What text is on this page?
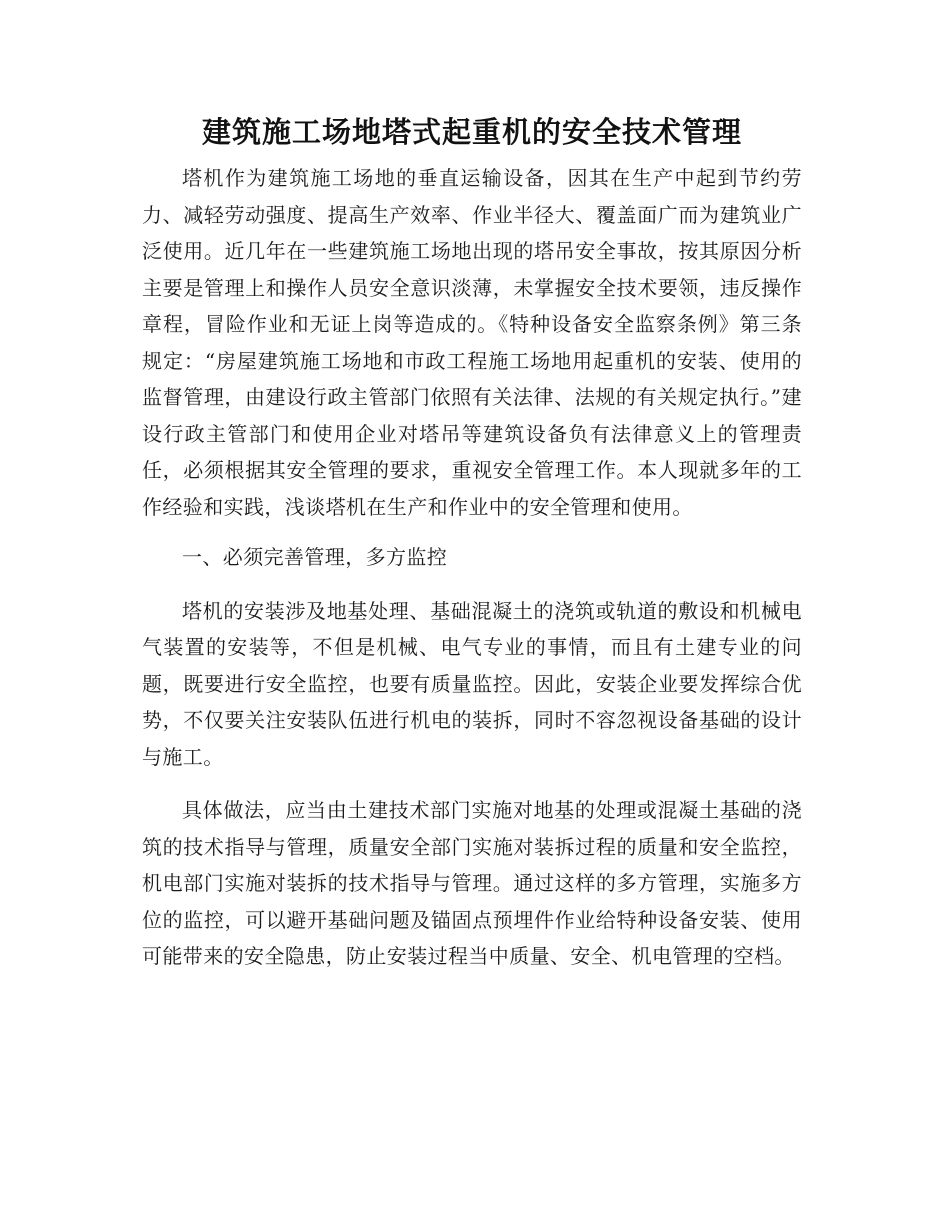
建筑施工场地塔式起重机的安全技术管理

塔机作为建筑施工场地的垂直运输设备，因其在生产中起到节约劳力、减轻劳动强度、提高生产效率、作业半径大、覆盖面广而为建筑业广泛使用。近几年在一些建筑施工场地出现的塔吊安全事故，按其原因分析主要是管理上和操作人员安全意识淡薄，未掌握安全技术要领，违反操作章程，冒险作业和无证上岗等造成的。《特种设备安全监察条例》第三条规定：“房屋建筑施工场地和市政工程施工场地用起重机的安装、使用的监督管理，由建设行政主管部门依照有关法律、法规的有关规定执行。”建设行政主管部门和使用企业对塔吊等建筑设备负有法律意义上的管理责任，必须根据其安全管理的要求，重视安全管理工作。本人现就多年的工作经验和实践，浅谈塔机在生产和作业中的安全管理和使用。

一、必须完善管理，多方监控

塔机的安装涉及地基处理、基础混凝土的浇筑或轨道的敷设和机械电气装置的安装等，不但是机械、电气专业的事情，而且有土建专业的问题，既要进行安全监控，也要有质量监控。因此，安装企业要发挥综合优势，不仅要关注安装队伍进行机电的装拆，同时不容忽视设备基础的设计与施工。

具体做法，应当由土建技术部门实施对地基的处理或混凝土基础的浇筑的技术指导与管理，质量安全部门实施对装拆过程的质量和安全监控，机电部门实施对装拆的技术指导与管理。通过这样的多方管理，实施多方位的监控，可以避开基础问题及锚固点预埋件作业给特种设备安装、使用可能带来的安全隐患，防止安装过程当中质量、安全、机电管理的空档。
